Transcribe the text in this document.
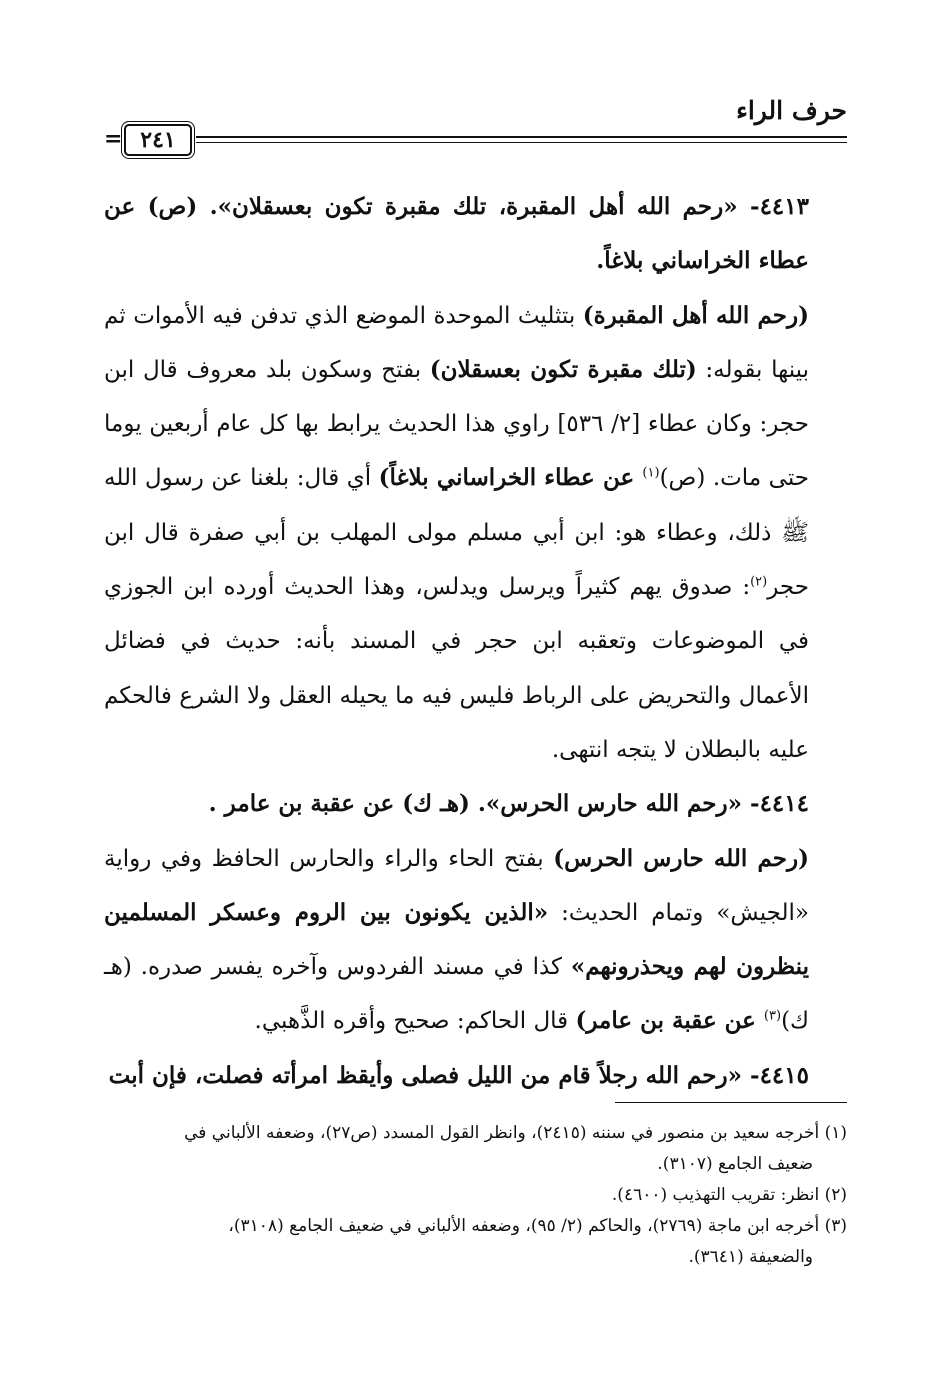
حرف الراء
٢٤١
=

٤٤١٣- «رحم الله أهل المقبرة، تلك مقبرة تكون بعسقلان». (ص) عن عطاء الخراساني بلاغاً.

(رحم الله أهل المقبرة) بتثليث الموحدة الموضع الذي تدفن فيه الأموات ثم بينها بقوله: (تلك مقبرة تكون بعسقلان) بفتح وسكون بلد معروف قال ابن حجر: وكان عطاء [٢/ ٥٣٦] راوي هذا الحديث يرابط بها كل عام أربعين يوما حتى مات. (ص)$^{(١)}$ عن عطاء الخراساني بلاغاً) أي قال: بلغنا عن رسول الله ﷺ ذلك، وعطاء هو: ابن أبي مسلم مولى المهلب بن أبي صفرة قال ابن حجر$^{(٢)}$: صدوق يهم كثيراً ويرسل ويدلس، وهذا الحديث أورده ابن الجوزي في الموضوعات وتعقبه ابن حجر في المسند بأنه: حديث في فضائل الأعمال والتحريض على الرباط فليس فيه ما يحيله العقل ولا الشرع فالحكم عليه بالبطلان لا يتجه انتهى.

٤٤١٤- «رحم الله حارس الحرس». (هـ ك) عن عقبة بن عامر .

(رحم الله حارس الحرس) بفتح الحاء والراء والحارس الحافظ وفي رواية «الجيش» وتمام الحديث: «الذين يكونون بين الروم وعسكر المسلمين ينظرون لهم ويحذرونهم» كذا في مسند الفردوس وآخره يفسر صدره. (هـ ك)$^{(٣)}$ عن عقبة بن عامر) قال الحاكم: صحيح وأقره الذَّهبي.

٤٤١٥- «رحم الله رجلاً قام من الليل فصلى وأيقظ امرأته فصلت، فإن أبت

(١) أخرجه سعيد بن منصور في سننه (٢٤١٥)، وانظر القول المسدد (ص٢٧)، وضعفه الألباني في

ضعيف الجامع (٣١٠٧).

(٢) انظر: تقريب التهذيب (٤٦٠٠).

(٣) أخرجه ابن ماجة (٢٧٦٩)، والحاكم (٢/ ٩٥)، وضعفه الألباني في ضعيف الجامع (٣١٠٨)،

والضعيفة (٣٦٤١).
